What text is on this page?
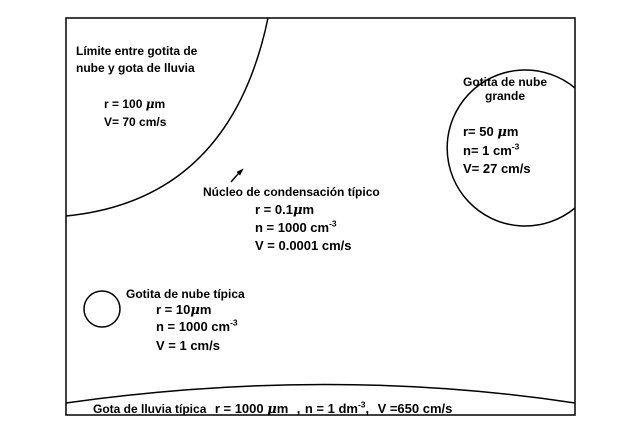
Límite entre gotita de
nube y gota de lluvia
r = 100 μm
V= 70 cm/s
Gotita de nube
grande
r= 50 μm
n= 1 $cm^{-3}$
V= 27 cm/s
Núcleo de condensación típico
r = 0.1μm
n = 1000 $cm^{-3}$
V = 0.0001 cm/s
Gotita de nube típica
r = 10μm
n = 1000 $cm^{-3}$
V = 1 cm/s
Gota de lluvia típica r = 1000 μm , n = 1 $dm^{-3}$, V =650 cm/s
